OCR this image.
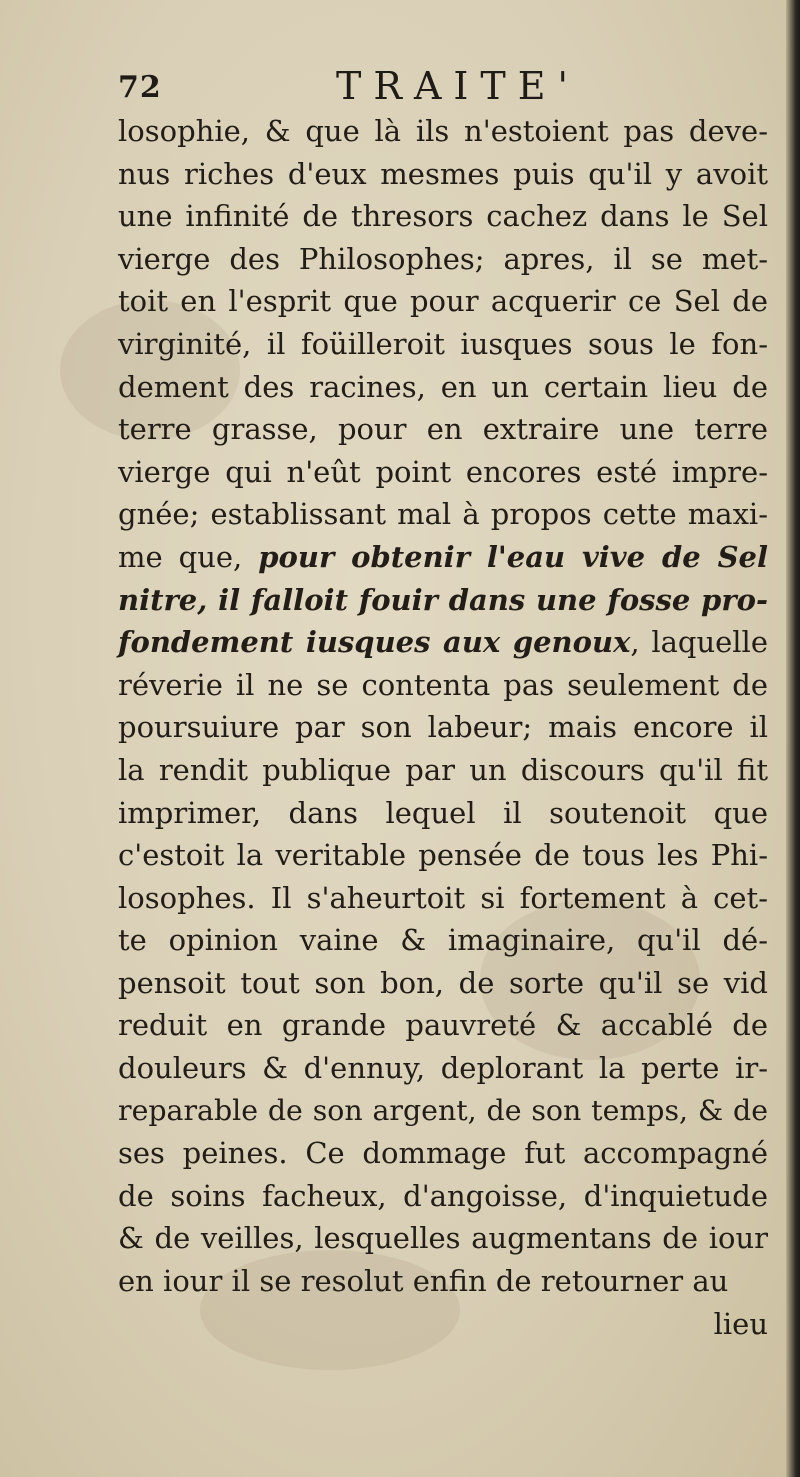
72	TRAITE'
losophie, & que là ils n'estoient pas deve-
nus riches d'eux mesmes puis qu'il y avoit
une infinité de thresors cachez dans le Sel
vierge des Philosophes; apres, il se met-
toit en l'esprit que pour acquerir ce Sel de
virginité, il foüilleroit iusques sous le fon-
dement des racines, en un certain lieu de
terre grasse, pour en extraire une terre
vierge qui n'eût point encores esté impre-
gnée; establissant mal à propos cette maxi-
me que, pour obtenir l'eau vive de Sel
nitre, il falloit fouir dans une fosse pro-
fondement iusques aux genoux, laquelle
réverie il ne se contenta pas seulement de
poursuiure par son labeur; mais encore il
la rendit publique par un discours qu'il fit
imprimer, dans lequel il soutenoit que
c'estoit la veritable pensée de tous les Phi-
losophes. Il s'aheurtoit si fortement à cet-
te opinion vaine & imaginaire, qu'il dé-
pensoit tout son bon, de sorte qu'il se vid
reduit en grande pauvreté & accablé de
douleurs & d'ennuy, deplorant la perte ir-
reparable de son argent, de son temps, & de
ses peines. Ce dommage fut accompagné
de soins facheux, d'angoisse, d'inquietude
& de veilles, lesquelles augmentans de iour
en iour il se resolut enfin de retourner au
lieu
